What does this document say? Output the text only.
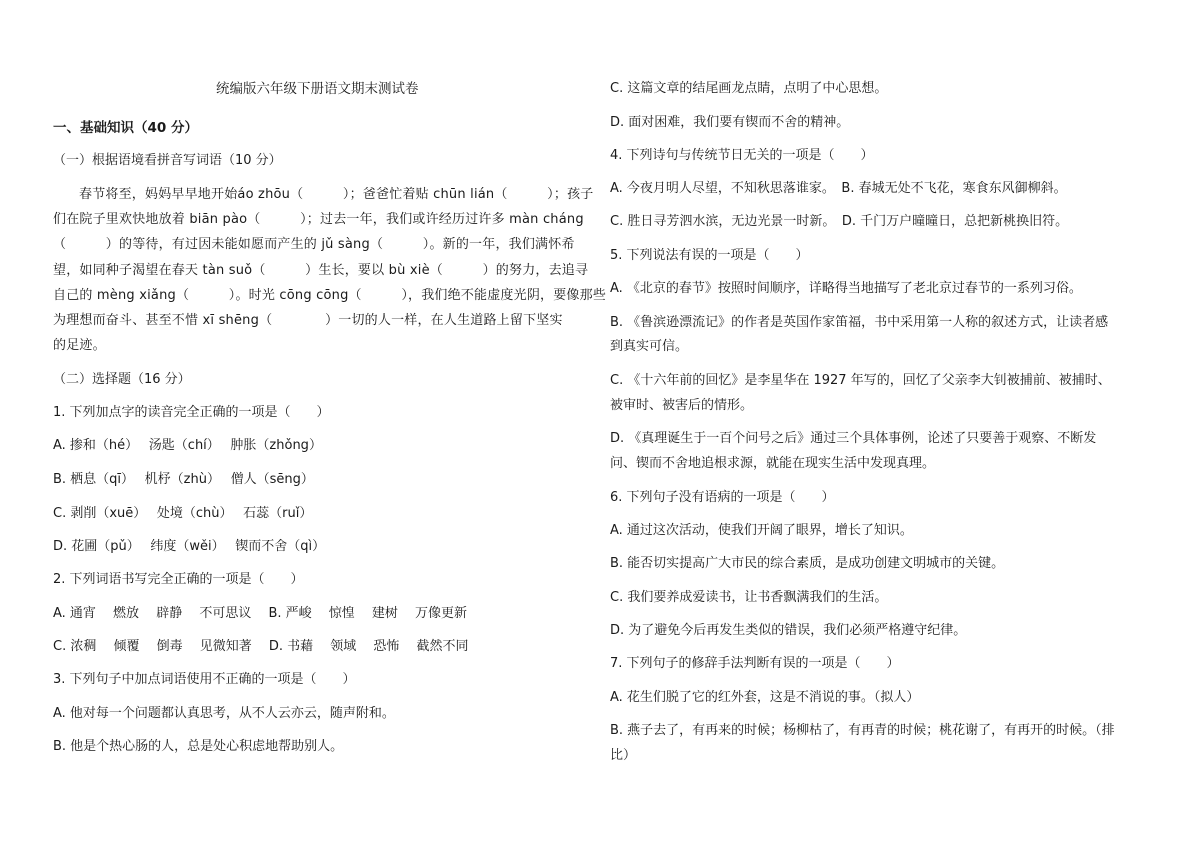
统编版六年级下册语文期末测试卷
一、基础知识（40 分）
（一）根据语境看拼音写词语（10 分）
春节将至，妈妈早早地开始áo zhōu（　　　）；爸爸忙着贴 chūn lián（　　　）；孩子
们在院子里欢快地放着 biān pào（　　　）；过去一年，我们或许经历过许多 màn cháng
（　　　）的等待，有过因未能如愿而产生的 jǔ sàng（　　　）。新的一年，我们满怀希
望，如同种子渴望在春天 tàn suǒ（　　　）生长，要以 bù xiè（　　　）的努力，去追寻
自己的 mèng xiǎng（　　　）。时光 cōng cōng（　　　），我们绝不能虚度光阴，要像那些
为理想而奋斗、甚至不惜 xī shēng（　　　　）一切的人一样，在人生道路上留下坚实
的足迹。
（二）选择题（16 分）
1. 下列加点字的读音完全正确的一项是（　　）
A. 掺和（hé）　 汤匙（chí）　 肿胀（zhǒng）
B. 栖息（qī）　 机杼（zhù）　 僧人（sēng）
C. 剥削（xuē）　 处境（chù）　 石蕊（ruǐ）
D. 花圃（pǔ）　 纬度（wěi）　 锲而不舍（qì）
2. 下列词语书写完全正确的一项是（　　）
A. 通宵　 燃放　 辟静　 不可思议　 B. 严峻　 惊惶　 建树　 万像更新
C. 浓稠　 倾覆　 倒毒　 见微知著　 D. 书藉　 领域　 恐怖　 截然不同
3. 下列句子中加点词语使用不正确的一项是（　　）
A. 他对每一个问题都认真思考，从不人云亦云，随声附和。
B. 他是个热心肠的人，总是处心积虑地帮助别人。
C. 这篇文章的结尾画龙点睛，点明了中心思想。
D. 面对困难，我们要有锲而不舍的精神。
4. 下列诗句与传统节日无关的一项是（　　）
A. 今夜月明人尽望，不知秋思落谁家。　B. 春城无处不飞花，寒食东风御柳斜。
C. 胜日寻芳泗水滨，无边光景一时新。　D. 千门万户曈曈日，总把新桃换旧符。
5. 下列说法有误的一项是（　　）
A. 《北京的春节》按照时间顺序，详略得当地描写了老北京过春节的一系列习俗。
B. 《鲁滨逊漂流记》的作者是英国作家笛福，书中采用第一人称的叙述方式，让读者感
到真实可信。
C. 《十六年前的回忆》是李星华在 1927 年写的，回忆了父亲李大钊被捕前、被捕时、
被审时、被害后的情形。
D. 《真理诞生于一百个问号之后》通过三个具体事例，论述了只要善于观察、不断发
问、锲而不舍地追根求源，就能在现实生活中发现真理。
6. 下列句子没有语病的一项是（　　）
A. 通过这次活动，使我们开阔了眼界，增长了知识。
B. 能否切实提高广大市民的综合素质，是成功创建文明城市的关键。
C. 我们要养成爱读书，让书香飘满我们的生活。
D. 为了避免今后再发生类似的错误，我们必须严格遵守纪律。
7. 下列句子的修辞手法判断有误的一项是（　　）
A. 花生们脱了它的红外套，这是不消说的事。（拟人）
B. 燕子去了，有再来的时候；杨柳枯了，有再青的时候；桃花谢了，有再开的时候。（排
比）
